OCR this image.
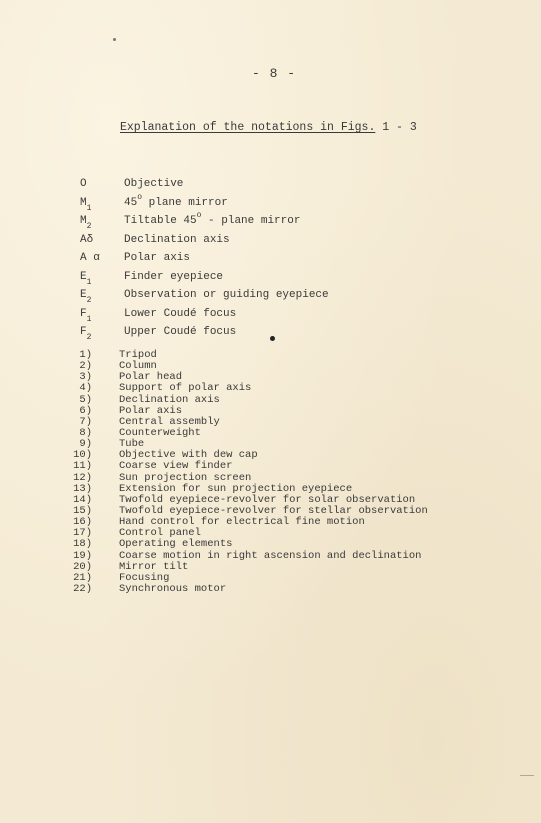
- 8 -
Explanation of the notations in Figs. 1 - 3
O	Objective
$M_1$	45$^o$ plane mirror
$M_2$	Tiltable 45$^o$ - plane mirror
Aδ	Declination axis
A α	Polar axis
$E_1$	Finder eyepiece
$E_2$	Observation or guiding eyepiece
$F_1$	Lower Coudé focus
$F_2$	Upper Coudé focus
1)	Tripod
2)	Column
3)	Polar head
4)	Support of polar axis
5)	Declination axis
6)	Polar axis
7)	Central assembly
8)	Counterweight
9)	Tube
10)	Objective with dew cap
11)	Coarse view finder
12)	Sun projection screen
13)	Extension for sun projection eyepiece
14)	Twofold eyepiece-revolver for solar observation
15)	Twofold eyepiece-revolver for stellar observation
16)	Hand control for electrical fine motion
17)	Control panel
18)	Operating elements
19)	Coarse motion in right ascension and declination
20)	Mirror tilt
21)	Focusing
22)	Synchronous motor
